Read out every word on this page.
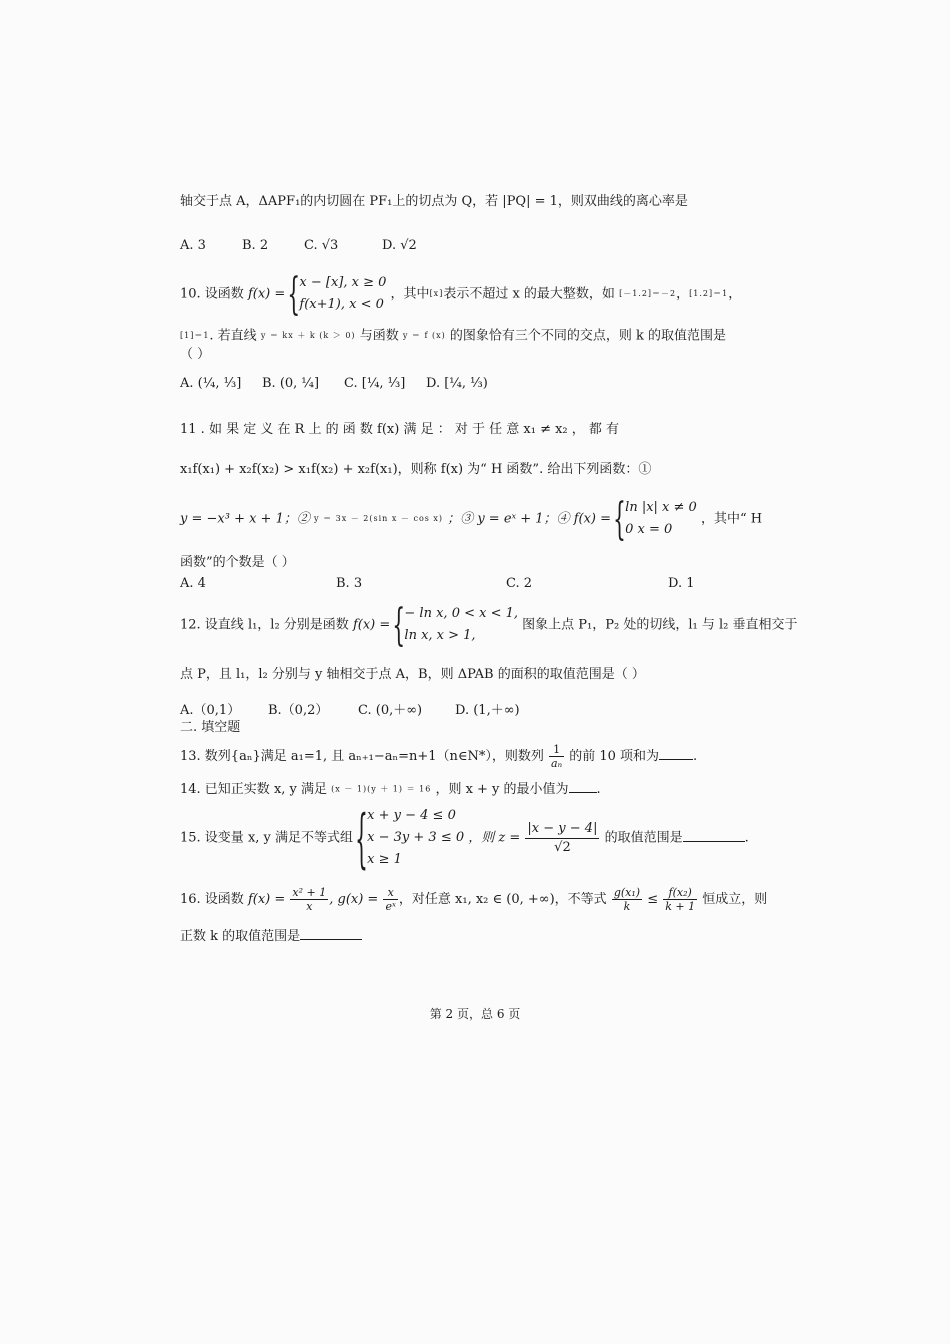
轴交于点 A，ΔAPF₁的内切圆在 PF₁上的切点为 Q，若 |PQ| = 1，则双曲线的离心率是
A. 3	B. 2	C. √3	D. √2
10. 设函数 f(x) =
{ x − [x], x ≥ 0
f(x+1), x < 0
，其中[x]表示不超过 x 的最大整数，如 [－1.2]＝－2，[1.2]＝1，
[1]＝1. 若直线 y ＝ kx ＋ k (k ＞ 0) 与函数 y ＝ f (x) 的图象恰有三个不同的交点，则 k 的取值范围是
（ ）
A. (¼, ⅓] B. (0, ¼] C. [¼, ⅓] D. [¼, ⅓)
11 . 如 果 定 义 在 R 上 的 函 数 f(x) 满 足 ： 对 于 任 意 x₁ ≠ x₂ ， 都 有
x₁f(x₁) + x₂f(x₂) > x₁f(x₂) + x₂f(x₁)，则称 f(x) 为“ H 函数”. 给出下列函数：①
y = −x³ + x + 1；② y ＝ 3x － 2(sin x － cos x) ；③ y = eˣ + 1；④ f(x) =
{ ln |x| x ≠ 0
0 x = 0
，其中“ H
函数”的个数是（ ）
A. 4	B. 3	C. 2	D. 1
12. 设直线 l₁，l₂ 分别是函数 f(x) =
{ − ln x, 0 < x < 1,
ln x, x > 1,
图象上点 P₁，P₂ 处的切线，l₁ 与 l₂ 垂直相交于
点 P，且 l₁，l₂ 分别与 y 轴相交于点 A，B，则 ΔPAB 的面积的取值范围是（ ）
A.（0,1） B.（0,2） C. (0,＋∞)	D. (1,＋∞)
二. 填空题
13. 数列{aₙ}满足 a₁=1, 且 aₙ₊₁−aₙ=n+1（n∈N*），则数列 $\frac{1}{\text{aₙ}}$ 的前 10 项和为	.
14. 已知正实数 x, y 满足 (x － 1)(y ＋ 1) ＝ 16 ，则 x + y 的最小值为 .
15. 设变量 x, y 满足不等式组
{ x + y − 4 ≤ 0
x − 3y + 3 ≤ 0
x ≥ 1
，则 $z = \frac{|x - y - 4|}{√2}$ 的取值范围是	.
16. 设函数 $f(x) = \frac{\text{x² + 1}}{x}$ , $g(x) = \frac{x}{\text{eˣ}}$ ，对任意 x₁, x₂ ∈ (0, +∞)，不等式 $\frac{\text{g(x₁)}}{k} \le \frac{\text{f(x₂)}}{k + 1}$ 恒成立，则
正数 k 的取值范围是
第 2 页，总 6 页
